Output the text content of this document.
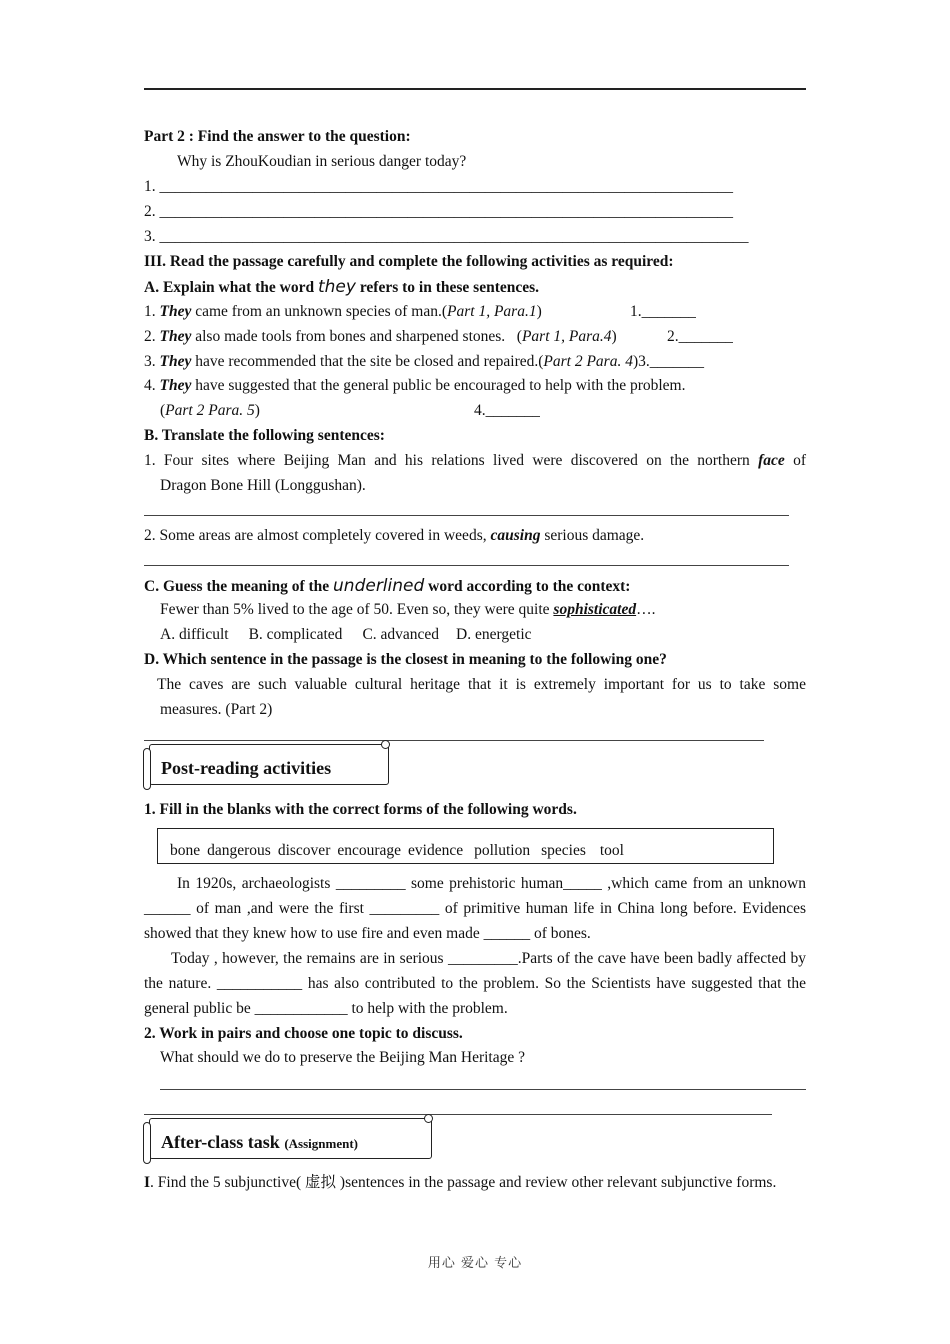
Part 2 : Find the answer to the question:
Why is ZhouKoudian in serious danger today?
1. __________________________________________________________________________
2. __________________________________________________________________________
3. ____________________________________________________________________________
III. Read the passage carefully and complete the following activities as required:
A. Explain what the word they refers to in these sentences.
1. They came from an unknown species of man.(Part 1, Para.1)	1._______
2. They also made tools from bones and sharpened stones.   (Part 1, Para.4)	2._______
3. They have recommended that the site be closed and repaired.(Part 2 Para. 4)3._______
4. They have suggested that the general public be encouraged to help with the problem.
(Part 2 Para. 5)	4._______
B. Translate the following sentences:
1. Four sites where Beijing Man and his relations lived were discovered on the northern face of
Dragon Bone Hill (Longgushan).
2. Some areas are almost completely covered in weeds, causing serious damage.
C. Guess the meaning of the underlined word according to the context:
Fewer than 5% lived to the age of 50. Even so, they were quite sophisticated….
A. difficult B. complicated C. advanced D. energetic
D. Which sentence in the passage is the closest in meaning to the following one?
The caves are such valuable cultural heritage that it is extremely important for us to take some
measures. (Part 2)
Post-reading activities
1. Fill in the blanks with the correct forms of the following words.
bone dangerous discover encourage evidence pollution species tool
In 1920s, archaeologists _________ some prehistoric human_____ ,which came from an unknown ______ of man ,and were the first _________ of primitive human life in China long before. Evidences showed that they knew how to use fire and even made ______ of bones.
Today , however, the remains are in serious _________.Parts of the cave have been badly affected by the nature. ___________ has also contributed to the problem. So the Scientists have suggested that the general public be ____________ to help with the problem.
2. Work in pairs and choose one topic to discuss.
What should we do to preserve the Beijing Man Heritage ?
After-class task (Assignment)
I. Find the 5 subjunctive( 虚拟 )sentences in the passage and review other relevant subjunctive forms.
用心 爱心 专心
